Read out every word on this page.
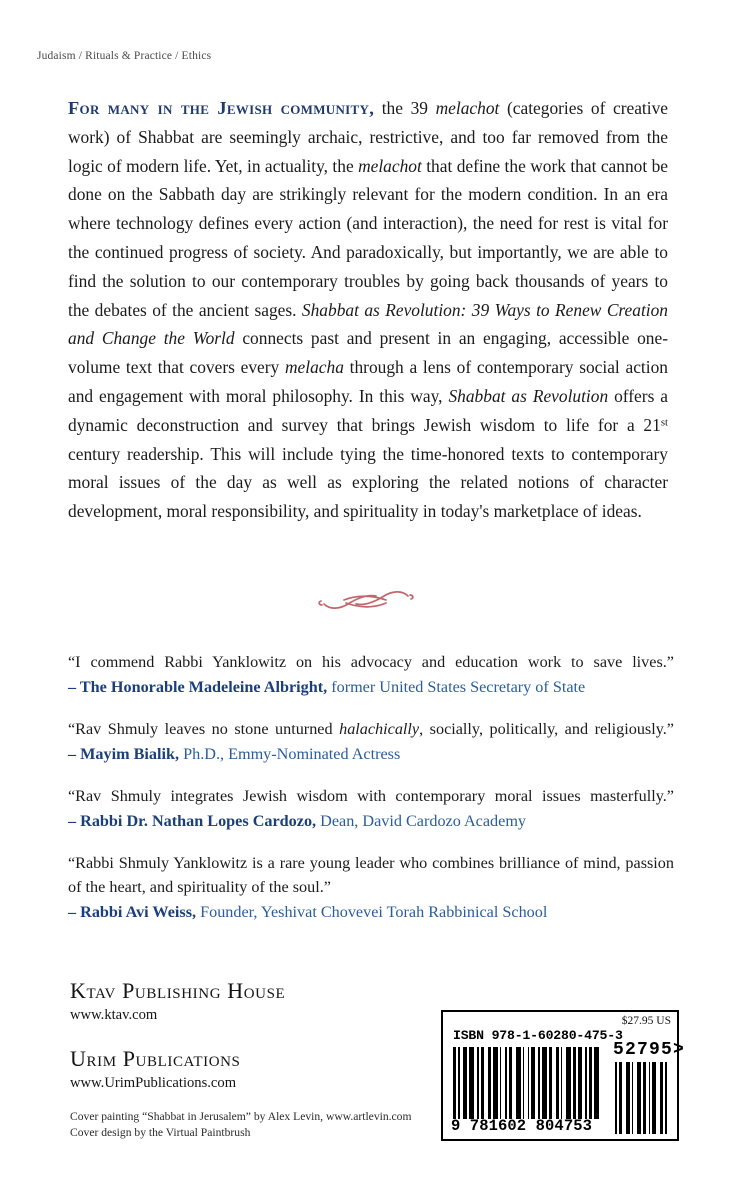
Judaism / Rituals & Practice / Ethics
For many in the Jewish community, the 39 melachot (categories of creative work) of Shabbat are seemingly archaic, restrictive, and too far removed from the logic of modern life. Yet, in actuality, the melachot that define the work that cannot be done on the Sabbath day are strikingly relevant for the modern condition. In an era where technology defines every action (and interaction), the need for rest is vital for the continued progress of society. And paradoxically, but importantly, we are able to find the solution to our contemporary troubles by going back thousands of years to the debates of the ancient sages. Shabbat as Revolution: 39 Ways to Renew Creation and Change the World connects past and present in an engaging, accessible one-volume text that covers every melacha through a lens of contemporary social action and engagement with moral philosophy. In this way, Shabbat as Revolution offers a dynamic deconstruction and survey that brings Jewish wisdom to life for a 21st century readership. This will include tying the time-honored texts to contemporary moral issues of the day as well as exploring the related notions of character development, moral responsibility, and spirituality in today's marketplace of ideas.
“I commend Rabbi Yanklowitz on his advocacy and education work to save lives.”
– The Honorable Madeleine Albright, former United States Secretary of State
“Rav Shmuly leaves no stone unturned halachically, socially, politically, and religiously.”
– Mayim Bialik, Ph.D., Emmy-Nominated Actress
“Rav Shmuly integrates Jewish wisdom with contemporary moral issues masterfully.”
– Rabbi Dr. Nathan Lopes Cardozo, Dean, David Cardozo Academy
“Rabbi Shmuly Yanklowitz is a rare young leader who combines brilliance of mind, passion of the heart, and spirituality of the soul.”
– Rabbi Avi Weiss, Founder, Yeshivat Chovevei Torah Rabbinical School
Ktav Publishing House
www.ktav.com
Urim Publications
www.UrimPublications.com
Cover painting “Shabbat in Jerusalem” by Alex Levin, www.artlevin.com
Cover design by the Virtual Paintbrush
$27.95 US
ISBN 978-1-60280-475-3
52795>
9 781602 804753
